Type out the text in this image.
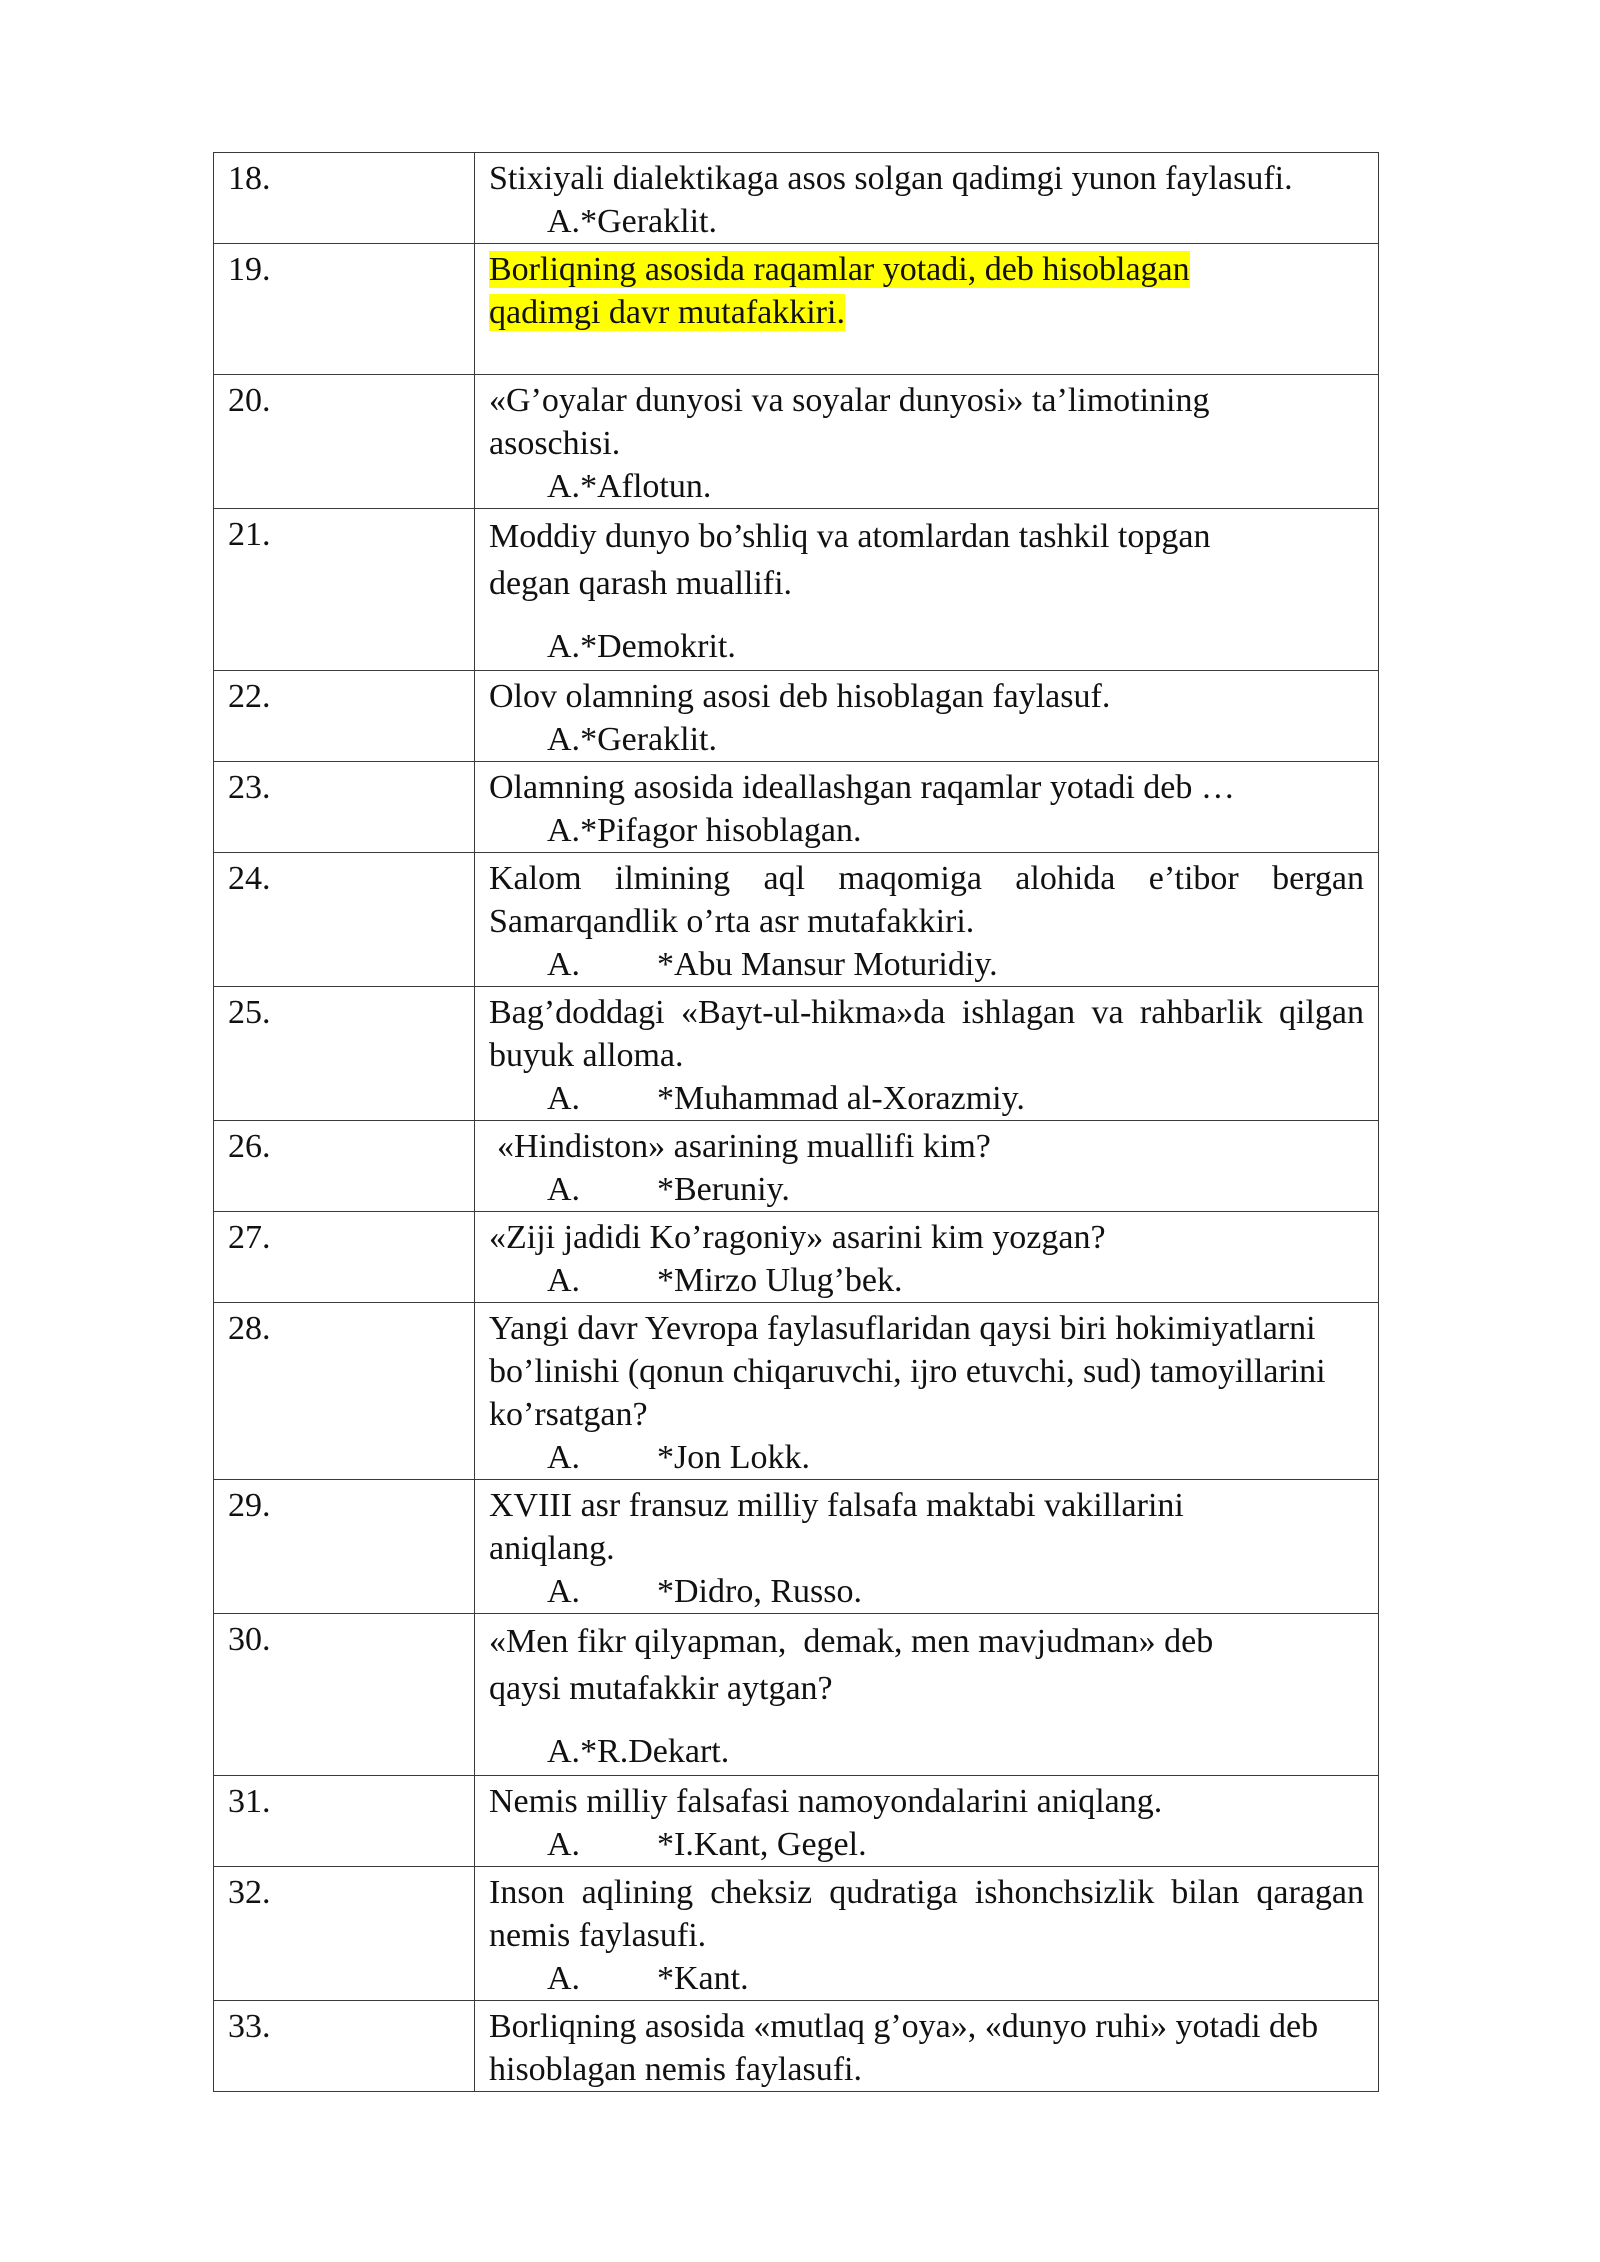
18.	Stixiyali dialektikaga asos solgan qadimgi yunon faylasufi.
A.*Geraklit.

19.	Borliqning asosida raqamlar yotadi, deb hisoblagan
qadimgi davr mutafakkiri.

20.	«G’oyalar dunyosi va soyalar dunyosi» ta’limotining asoschisi.
A.*Aflotun.

21.	Moddiy dunyo bo’shliq va atomlardan tashkil topgan degan qarash muallifi.
A.*Demokrit.

22.	Olov olamning asosi deb hisoblagan faylasuf.
A.*Geraklit.

23.	Olamning asosida ideallashgan raqamlar yotadi deb …
A.*Pifagor hisoblagan.

24.	Kalom ilmining aql maqomiga alohida e’tibor bergan Samarqandlik o’rta asr mutafakkiri.
A. *Abu Mansur Moturidiy.

25.	Bag’doddagi «Bayt-ul-hikma»da ishlagan va rahbarlik qilgan buyuk alloma.
A. *Muhammad al-Xorazmiy.

26.	«Hindiston» asarining muallifi kim?
A. *Beruniy.

27.	«Ziji jadidi Ko’ragoniy» asarini kim yozgan?
A. *Mirzo Ulug’bek.

28.	Yangi davr Yevropa faylasuflaridan qaysi biri hokimiyatlarni bo’linishi (qonun chiqaruvchi, ijro etuvchi, sud) tamoyillarini ko’rsatgan?
A. *Jon Lokk.

29.	XVIII asr fransuz milliy falsafa maktabi vakillarini aniqlang.
A. *Didro, Russo.

30.	«Men fikr qilyapman,  demak, men mavjudman» deb qaysi mutafakkir aytgan?
A.*R.Dekart.

31.	Nemis milliy falsafasi namoyondalarini aniqlang.
A. *I.Kant, Gegel.

32.	Inson aqlining cheksiz qudratiga ishonchsizlik bilan qaragan nemis faylasufi.
A. *Kant.

33.	Borliqning asosida «mutlaq g’oya», «dunyo ruhi» yotadi deb hisoblagan nemis faylasufi.
